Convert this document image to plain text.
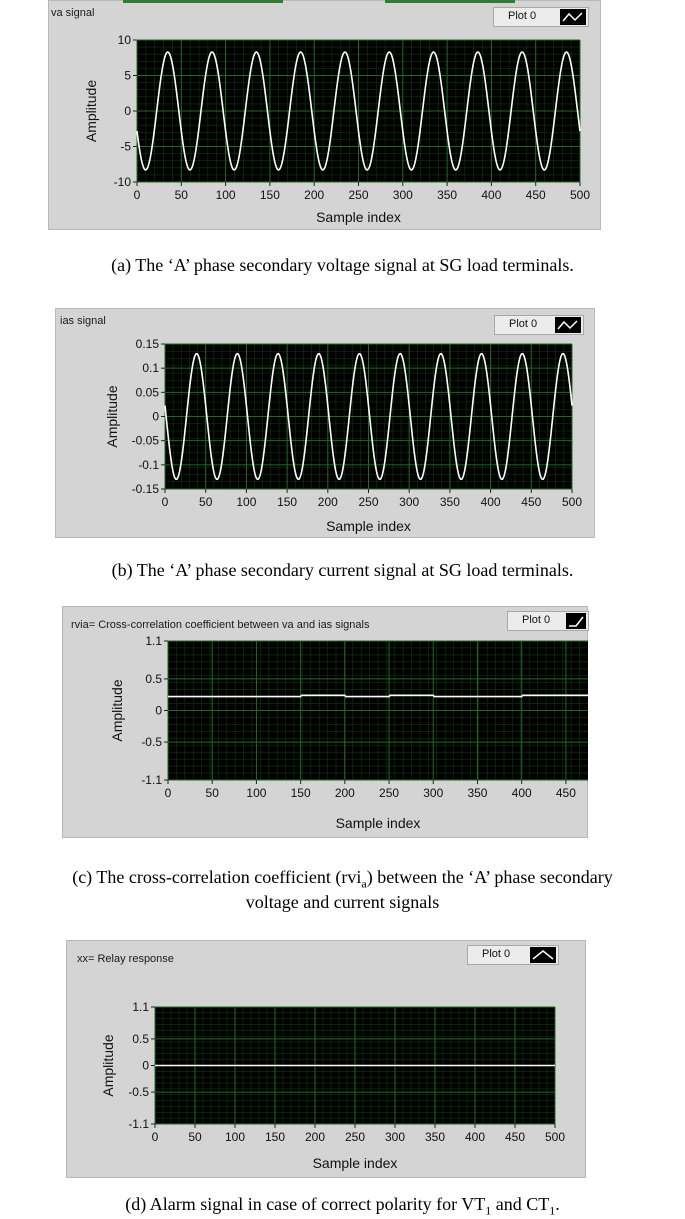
va signal	Plot 0
10
5
0
-5
-10
0	50 100 150 200 250 300 350 400 450 500
Sample index
Amplitude
(a) The ‘A’ phase secondary voltage signal at SG load terminals.
ias signal	Plot 0
0.15
0.1
0.05
0
-0.05
-0.1
-0.15
0	50 100 150 200 250 300 350 400 450 500
Sample index
Amplitude
(b) The ‘A’ phase secondary current signal at SG load terminals.
rvia= Cross-correlation coefficient between va and ias signals	Plot 0
1.1
0.5
0
-0.5
-1.1
0	50 100 150 200 250 300 350 400 450
Sample index
Amplitude
(c) The cross-correlation coefficient (rvi$_a$) between the ‘A’ phase secondary
voltage and current signals
xx= Relay response	Plot 0
1.1
0.5
0
-0.5
-1.1
0 50 100 150 200 250 300 350 400 450 500
Sample index
Amplitude
(d) Alarm signal in case of correct polarity for $VT_1$ and $CT_1$.
